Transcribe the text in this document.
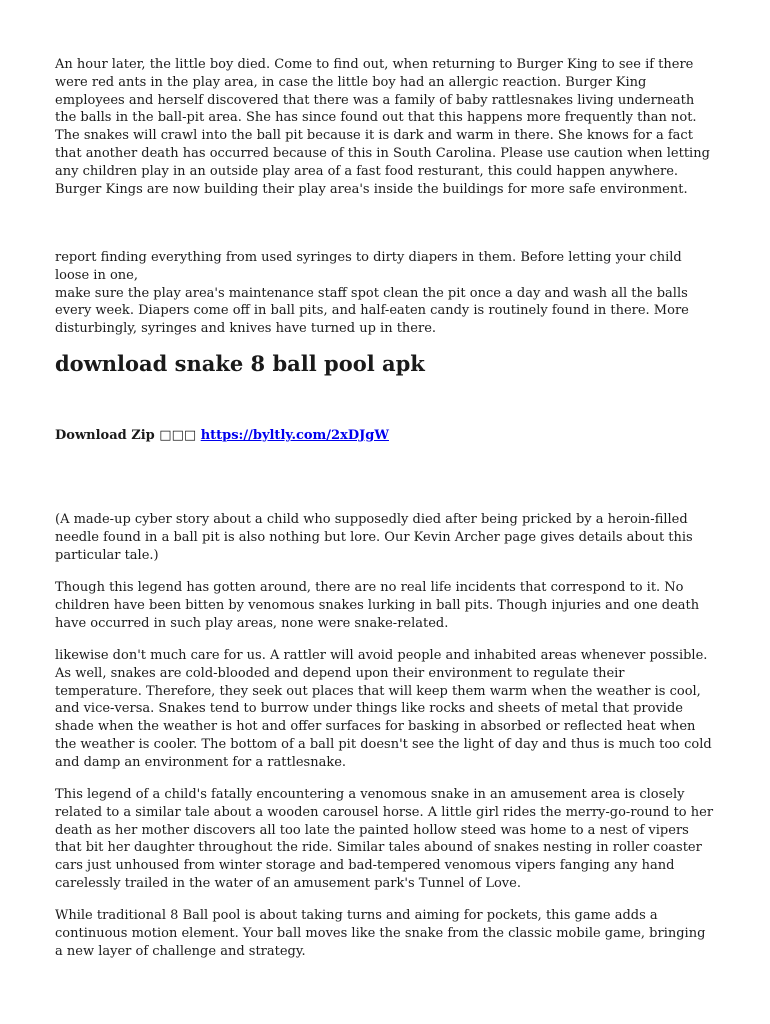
An hour later, the little boy died. Come to find out, when returning to Burger King to see if there were red ants in the play area, in case the little boy had an allergic reaction. Burger King employees and herself discovered that there was a family of baby rattlesnakes living underneath the balls in the ball-pit area. She has since found out that this happens more frequently than not. The snakes will crawl into the ball pit because it is dark and warm in there. She knows for a fact that another death has occurred because of this in South Carolina. Please use caution when letting any children play in an outside play area of a fast food resturant, this could happen anywhere. Burger Kings are now building their play area's inside the buildings for more safe environment.

report finding everything from used syringes to dirty diapers in them. Before letting your child loose in one,
make sure the play area's maintenance staff spot clean the pit once a day and wash all the balls every week. Diapers come off in ball pits, and half-eaten candy is routinely found in there. More disturbingly, syringes and knives have turned up in there.

download snake 8 ball pool apk

Download Zip □□□ https://byltly.com/2xDJgW

(A made-up cyber story about a child who supposedly died after being pricked by a heroin-filled needle found in a ball pit is also nothing but lore. Our Kevin Archer page gives details about this particular tale.)

Though this legend has gotten around, there are no real life incidents that correspond to it. No children have been bitten by venomous snakes lurking in ball pits. Though injuries and one death have occurred in such play areas, none were snake-related.

likewise don't much care for us. A rattler will avoid people and inhabited areas whenever possible. As well, snakes are cold-blooded and depend upon their environment to regulate their temperature. Therefore, they seek out places that will keep them warm when the weather is cool, and vice-versa. Snakes tend to burrow under things like rocks and sheets of metal that provide shade when the weather is hot and offer surfaces for basking in absorbed or reflected heat when the weather is cooler. The bottom of a ball pit doesn't see the light of day and thus is much too cold and damp an environment for a rattlesnake.

This legend of a child's fatally encountering a venomous snake in an amusement area is closely related to a similar tale about a wooden carousel horse. A little girl rides the merry-go-round to her death as her mother discovers all too late the painted hollow steed was home to a nest of vipers that bit her daughter throughout the ride. Similar tales abound of snakes nesting in roller coaster cars just unhoused from winter storage and bad-tempered venomous vipers fanging any hand carelessly trailed in the water of an amusement park's Tunnel of Love.

While traditional 8 Ball pool is about taking turns and aiming for pockets, this game adds a continuous motion element. Your ball moves like the snake from the classic mobile game, bringing a new layer of challenge and strategy.
